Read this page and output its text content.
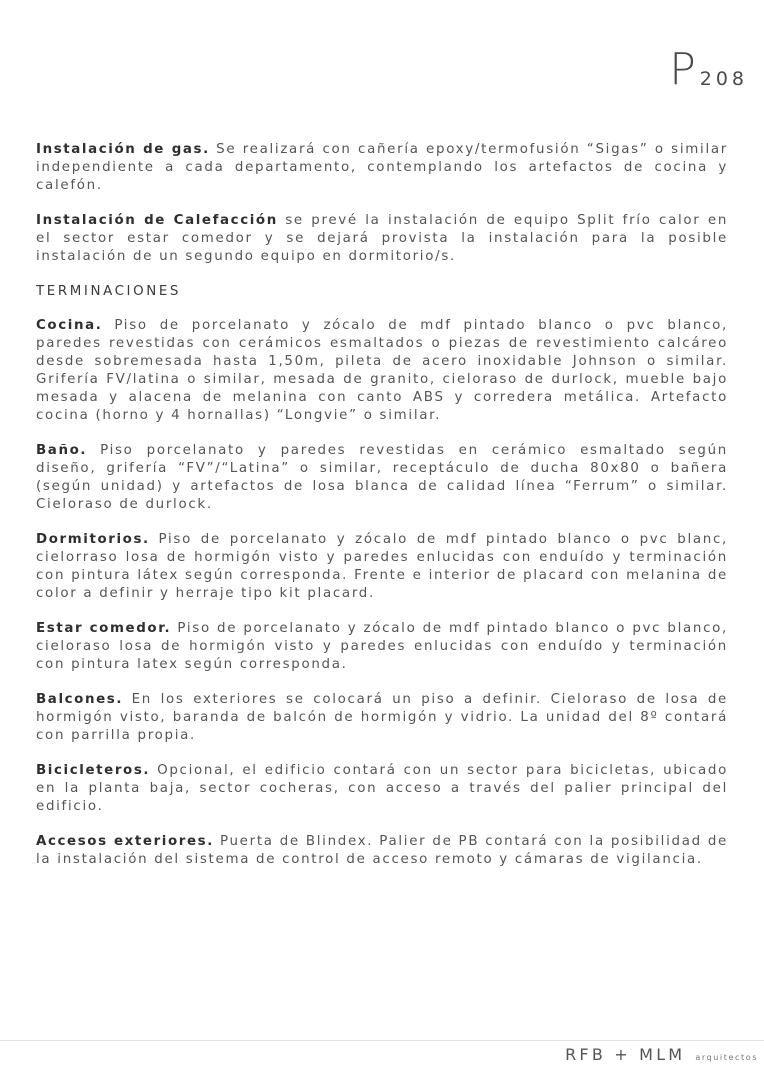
P 208

Instalación de gas. Se realizará con cañería epoxy/termofusión “Sigas” o similar independiente a cada departamento, contemplando los artefactos de cocina y calefón.

Instalación de Calefacción se prevé la instalación de equipo Split frío calor en el sector estar comedor y se dejará provista la instalación para la posible instalación de un segundo equipo en dormitorio/s.

TERMINACIONES

Cocina. Piso de porcelanato y zócalo de mdf pintado blanco o pvc blanco, paredes revestidas con cerámicos esmaltados o piezas de revestimiento calcáreo desde sobremesada hasta 1,50m, pileta de acero inoxidable Johnson o similar. Grifería FV/latina o similar, mesada de granito, cieloraso de durlock, mueble bajo mesada y alacena de melanina con canto ABS y corredera metálica. Artefacto cocina (horno y 4 hornallas) “Longvie” o similar.

Baño. Piso porcelanato y paredes revestidas en cerámico esmaltado según diseño, grifería “FV”/“Latina” o similar, receptáculo de ducha 80x80 o bañera (según unidad) y artefactos de losa blanca de calidad línea “Ferrum” o similar. Cieloraso de durlock.

Dormitorios. Piso de porcelanato y zócalo de mdf pintado blanco o pvc blanc, cielorraso losa de hormigón visto y paredes enlucidas con enduído y terminación con pintura látex según corresponda. Frente e interior de placard con melanina de color a definir y herraje tipo kit placard.

Estar comedor. Piso de porcelanato y zócalo de mdf pintado blanco o pvc blanco, cieloraso losa de hormigón visto y paredes enlucidas con enduído y terminación con pintura latex según corresponda.

Balcones. En los exteriores se colocará un piso a definir. Cieloraso de losa de hormigón visto, baranda de balcón de hormigón y vidrio. La unidad del 8º contará con parrilla propia.

Bicicleteros. Opcional, el edificio contará con un sector para bicicletas, ubicado en la planta baja, sector cocheras, con acceso a través del palier principal del edificio.

Accesos exteriores. Puerta de Blindex. Palier de PB contará con la posibilidad de la instalación del sistema de control de acceso remoto y cámaras de vigilancia.

RFB + MLM arquitectos
